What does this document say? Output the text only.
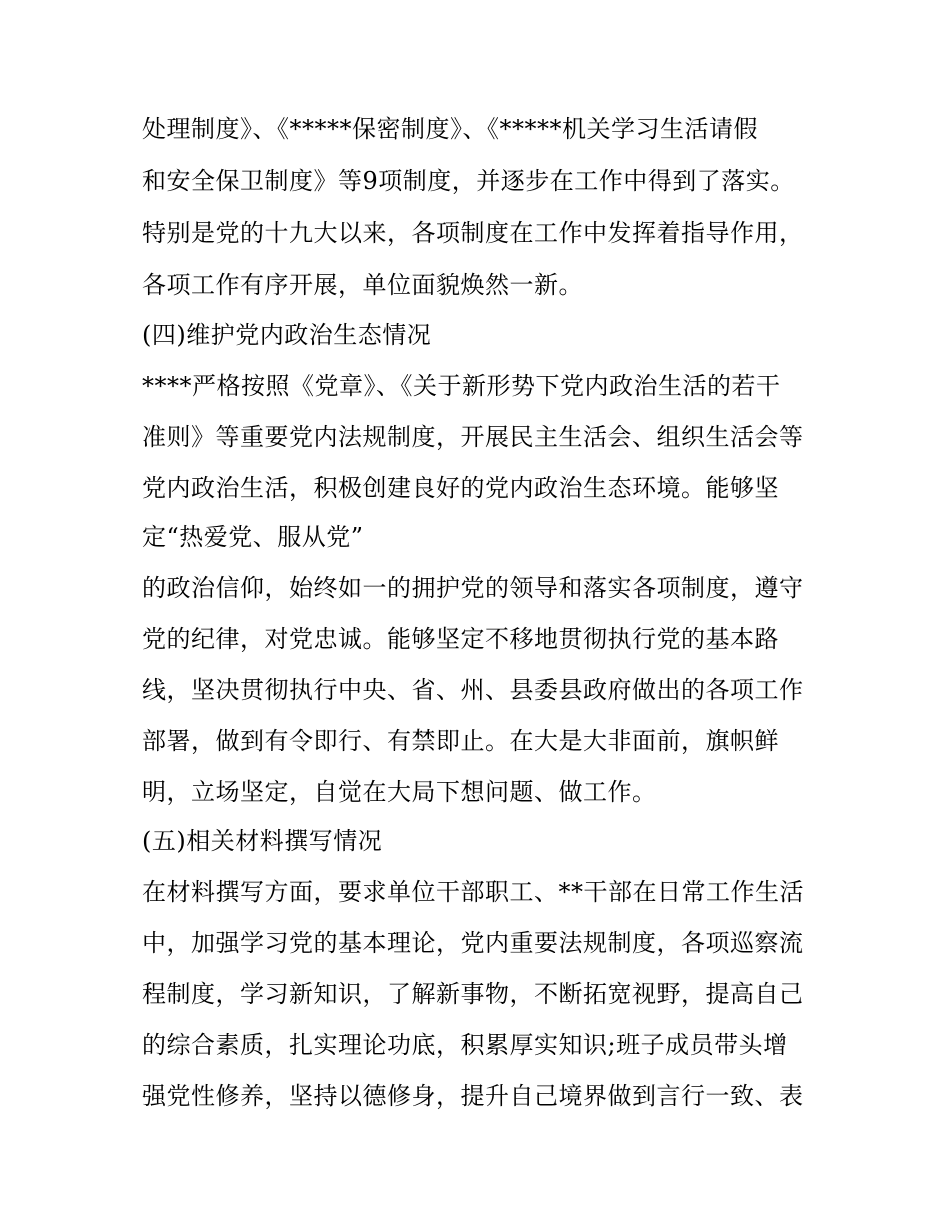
处理制度》、《*****保密制度》、《*****机关学习生活请假
和安全保卫制度》等9项制度，并逐步在工作中得到了落实。
特别是党的十九大以来，各项制度在工作中发挥着指导作用，
各项工作有序开展，单位面貌焕然一新。
(四)维护党内政治生态情况
****严格按照《党章》、《关于新形势下党内政治生活的若干
准则》等重要党内法规制度，开展民主生活会、组织生活会等
党内政治生活，积极创建良好的党内政治生态环境。能够坚
定“热爱党、服从党”
的政治信仰，始终如一的拥护党的领导和落实各项制度，遵守
党的纪律，对党忠诚。能够坚定不移地贯彻执行党的基本路
线，坚决贯彻执行中央、省、州、县委县政府做出的各项工作
部署，做到有令即行、有禁即止。在大是大非面前，旗帜鲜
明，立场坚定，自觉在大局下想问题、做工作。
(五)相关材料撰写情况
在材料撰写方面，要求单位干部职工、**干部在日常工作生活
中，加强学习党的基本理论，党内重要法规制度，各项巡察流
程制度，学习新知识，了解新事物，不断拓宽视野，提高自己
的综合素质，扎实理论功底，积累厚实知识;班子成员带头增
强党性修养，坚持以德修身，提升自己境界做到言行一致、表
